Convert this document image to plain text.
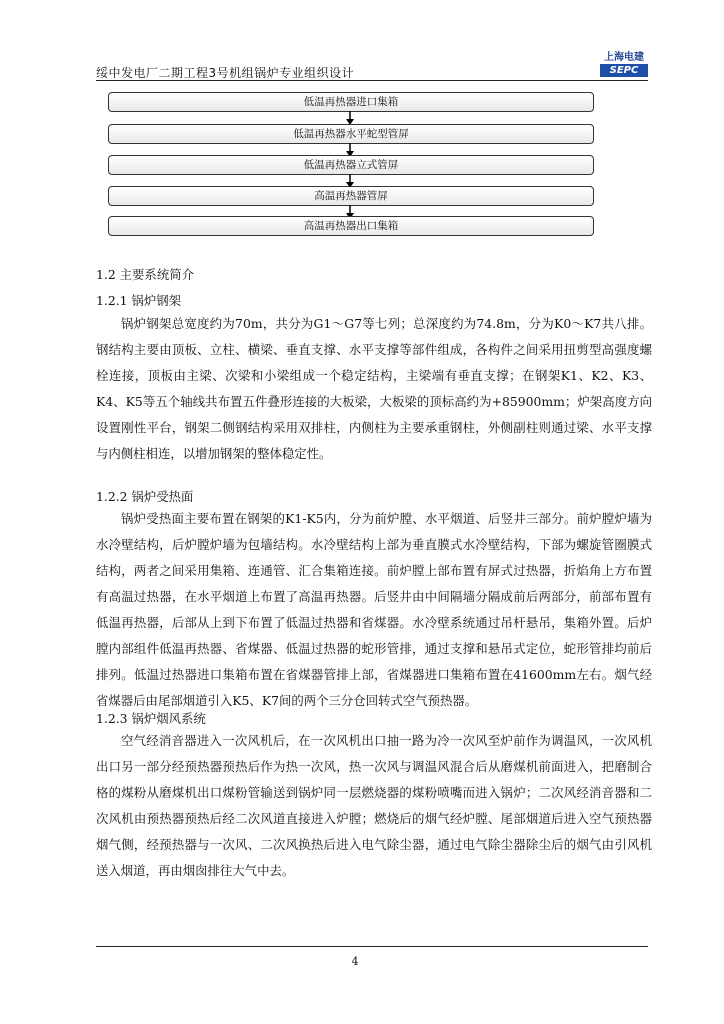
绥中发电厂二期工程3号机组锅炉专业组织设计
上海电建
SEPC
低温再热器进口集箱
低温再热器水平蛇型管屏
低温再热器立式管屏
高温再热器管屏
高温再热器出口集箱
1.2 主要系统简介
1.2.1 锅炉钢架

锅炉钢架总宽度约为70m，共分为G1～G7等七列；总深度约为74.8m，分为K0～K7共八排。钢结构主要由顶板、立柱、横梁、垂直支撑、水平支撑等部件组成，各构件之间采用扭剪型高强度螺栓连接，顶板由主梁、次梁和小梁组成一个稳定结构，主梁端有垂直支撑；在钢架K1、K2、K3、K4、K5等五个轴线共布置五件叠形连接的大板梁，大板梁的顶标高约为+85900mm；炉架高度方向设置刚性平台，钢架二侧钢结构采用双排柱，内侧柱为主要承重钢柱，外侧副柱则通过梁、水平支撑与内侧柱相连，以增加钢架的整体稳定性。

1.2.2 锅炉受热面

锅炉受热面主要布置在钢架的K1-K5内，分为前炉膛、水平烟道、后竖井三部分。前炉膛炉墙为水冷壁结构，后炉膛炉墙为包墙结构。水冷壁结构上部为垂直膜式水冷壁结构，下部为螺旋管圈膜式结构，两者之间采用集箱、连通管、汇合集箱连接。前炉膛上部布置有屏式过热器，折焰角上方布置有高温过热器，在水平烟道上布置了高温再热器。后竖井由中间隔墙分隔成前后两部分，前部布置有低温再热器，后部从上到下布置了低温过热器和省煤器。水冷壁系统通过吊杆悬吊，集箱外置。后炉膛内部组件低温再热器、省煤器、低温过热器的蛇形管排，通过支撑和悬吊式定位，蛇形管排均前后排列。低温过热器进口集箱布置在省煤器管排上部，省煤器进口集箱布置在41600mm左右。烟气经省煤器后由尾部烟道引入K5、K7间的两个三分仓回转式空气预热器。

1.2.3 锅炉烟风系统

空气经消音器进入一次风机后，在一次风机出口抽一路为冷一次风至炉前作为调温风，一次风机出口另一部分经预热器预热后作为热一次风，热一次风与调温风混合后从磨煤机前面进入，把磨制合格的煤粉从磨煤机出口煤粉管输送到锅炉同一层燃烧器的煤粉喷嘴而进入锅炉；二次风经消音器和二次风机由预热器预热后经二次风道直接进入炉膛；燃烧后的烟气经炉膛、尾部烟道后进入空气预热器烟气侧，经预热器与一次风、二次风换热后进入电气除尘器，通过电气除尘器除尘后的烟气由引风机送入烟道，再由烟囱排往大气中去。

4
